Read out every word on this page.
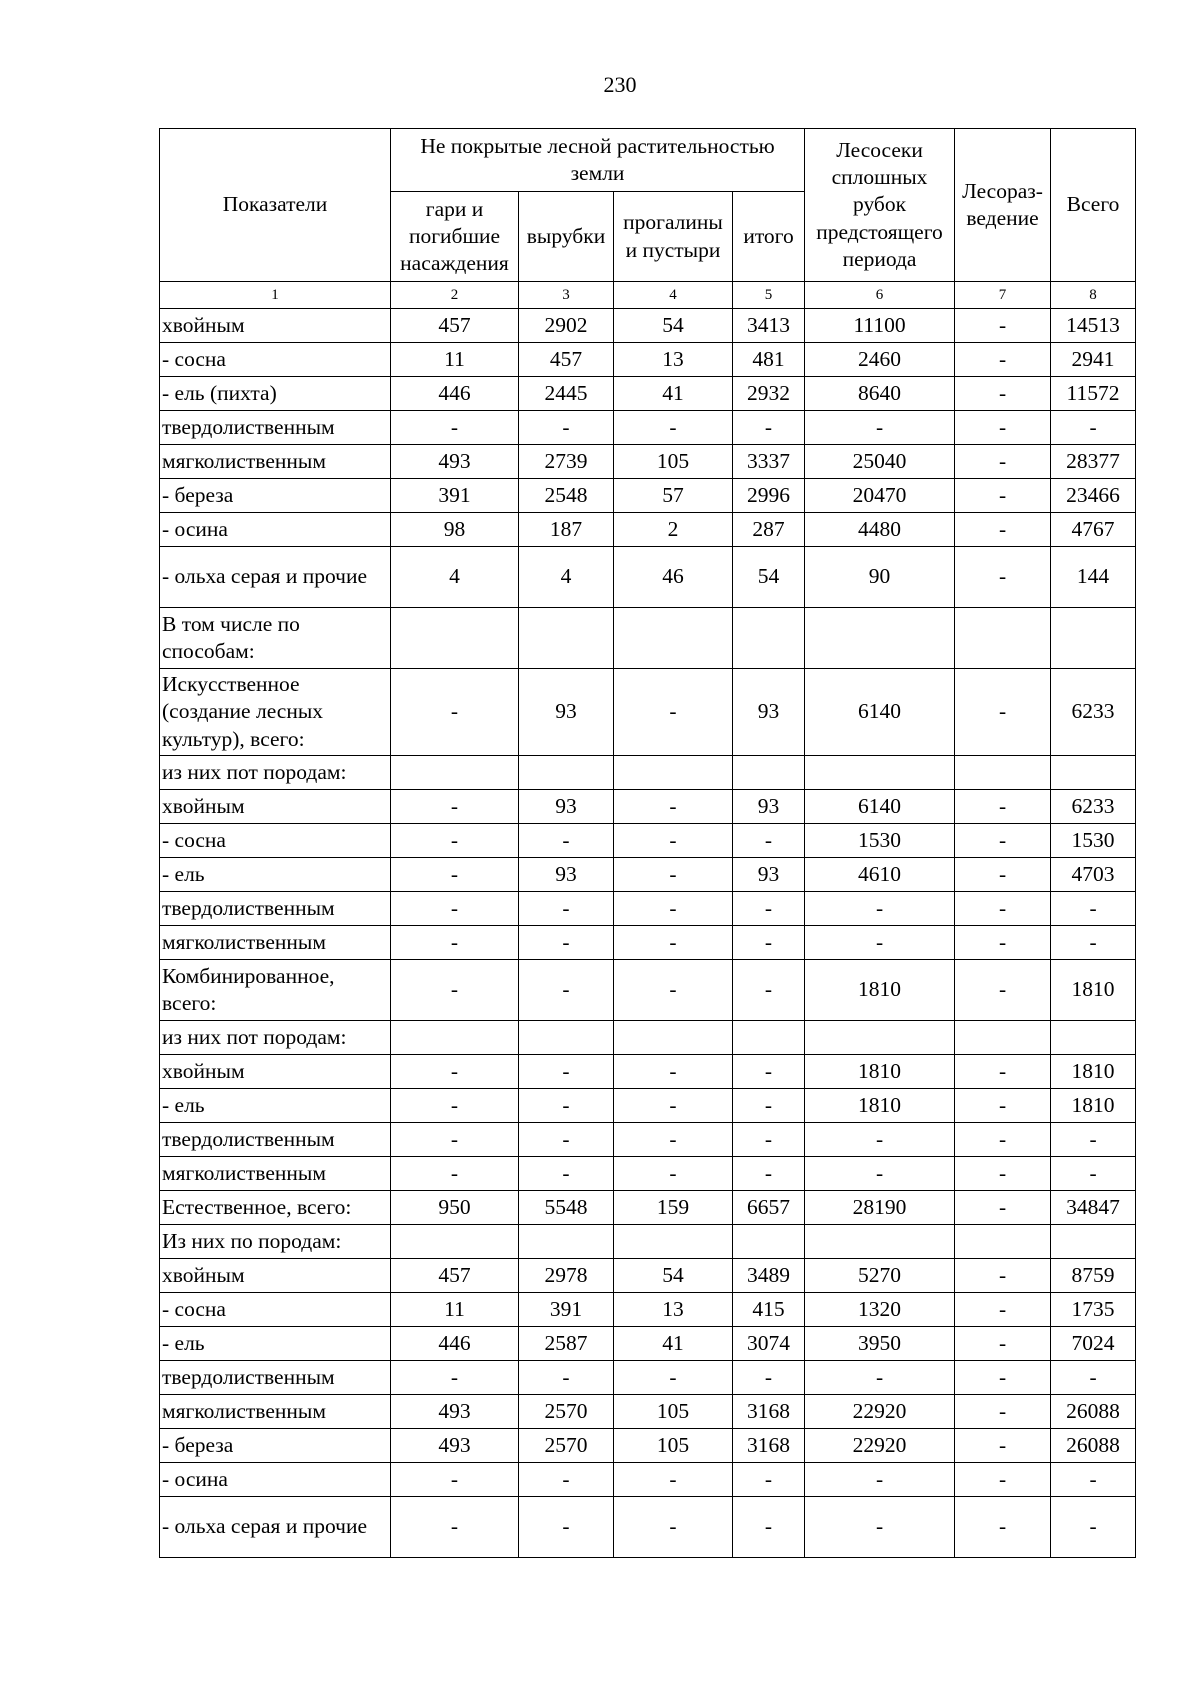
230
Показатели	Не покрытые лесной растительностью земли				Лесосеки сплошных рубок предстоящего периода	Лесораз-ведение	Всего
	гари и погибшие насаждения	вырубки	прогалины и пустыри	итого			
1	2	3	4	5	6	7	8
хвойным	457	2902	54	3413	11100	-	14513
- сосна	11	457	13	481	2460	-	2941
- ель (пихта)	446	2445	41	2932	8640	-	11572
твердолиственным	-	-	-	-	-	-	-
мягколиственным	493	2739	105	3337	25040	-	28377
- береза	391	2548	57	2996	20470	-	23466
- осина	98	187	2	287	4480	-	4767
- ольха серая и прочие	4	4	46	54	90	-	144
В том числе по способам:							
Искусственное (создание лесных культур), всего:	-	93	-	93	6140	-	6233
из них пот породам:							
хвойным	-	93	-	93	6140	-	6233
- сосна	-	-	-	-	1530	-	1530
- ель	-	93	-	93	4610	-	4703
твердолиственным	-	-	-	-	-	-	-
мягколиственным	-	-	-	-	-	-	-
Комбинированное, всего:	-	-	-	-	1810	-	1810
из них пот породам:							
хвойным	-	-	-	-	1810	-	1810
- ель	-	-	-	-	1810	-	1810
твердолиственным	-	-	-	-	-	-	-
мягколиственным	-	-	-	-	-	-	-
Естественное, всего:	950	5548	159	6657	28190	-	34847
Из них по породам:							
хвойным	457	2978	54	3489	5270	-	8759
- сосна	11	391	13	415	1320	-	1735
- ель	446	2587	41	3074	3950	-	7024
твердолиственным	-	-	-	-	-	-	-
мягколиственным	493	2570	105	3168	22920	-	26088
- береза	493	2570	105	3168	22920	-	26088
- осина	-	-	-	-	-	-	-
- ольха серая и прочие	-	-	-	-	-	-	-
